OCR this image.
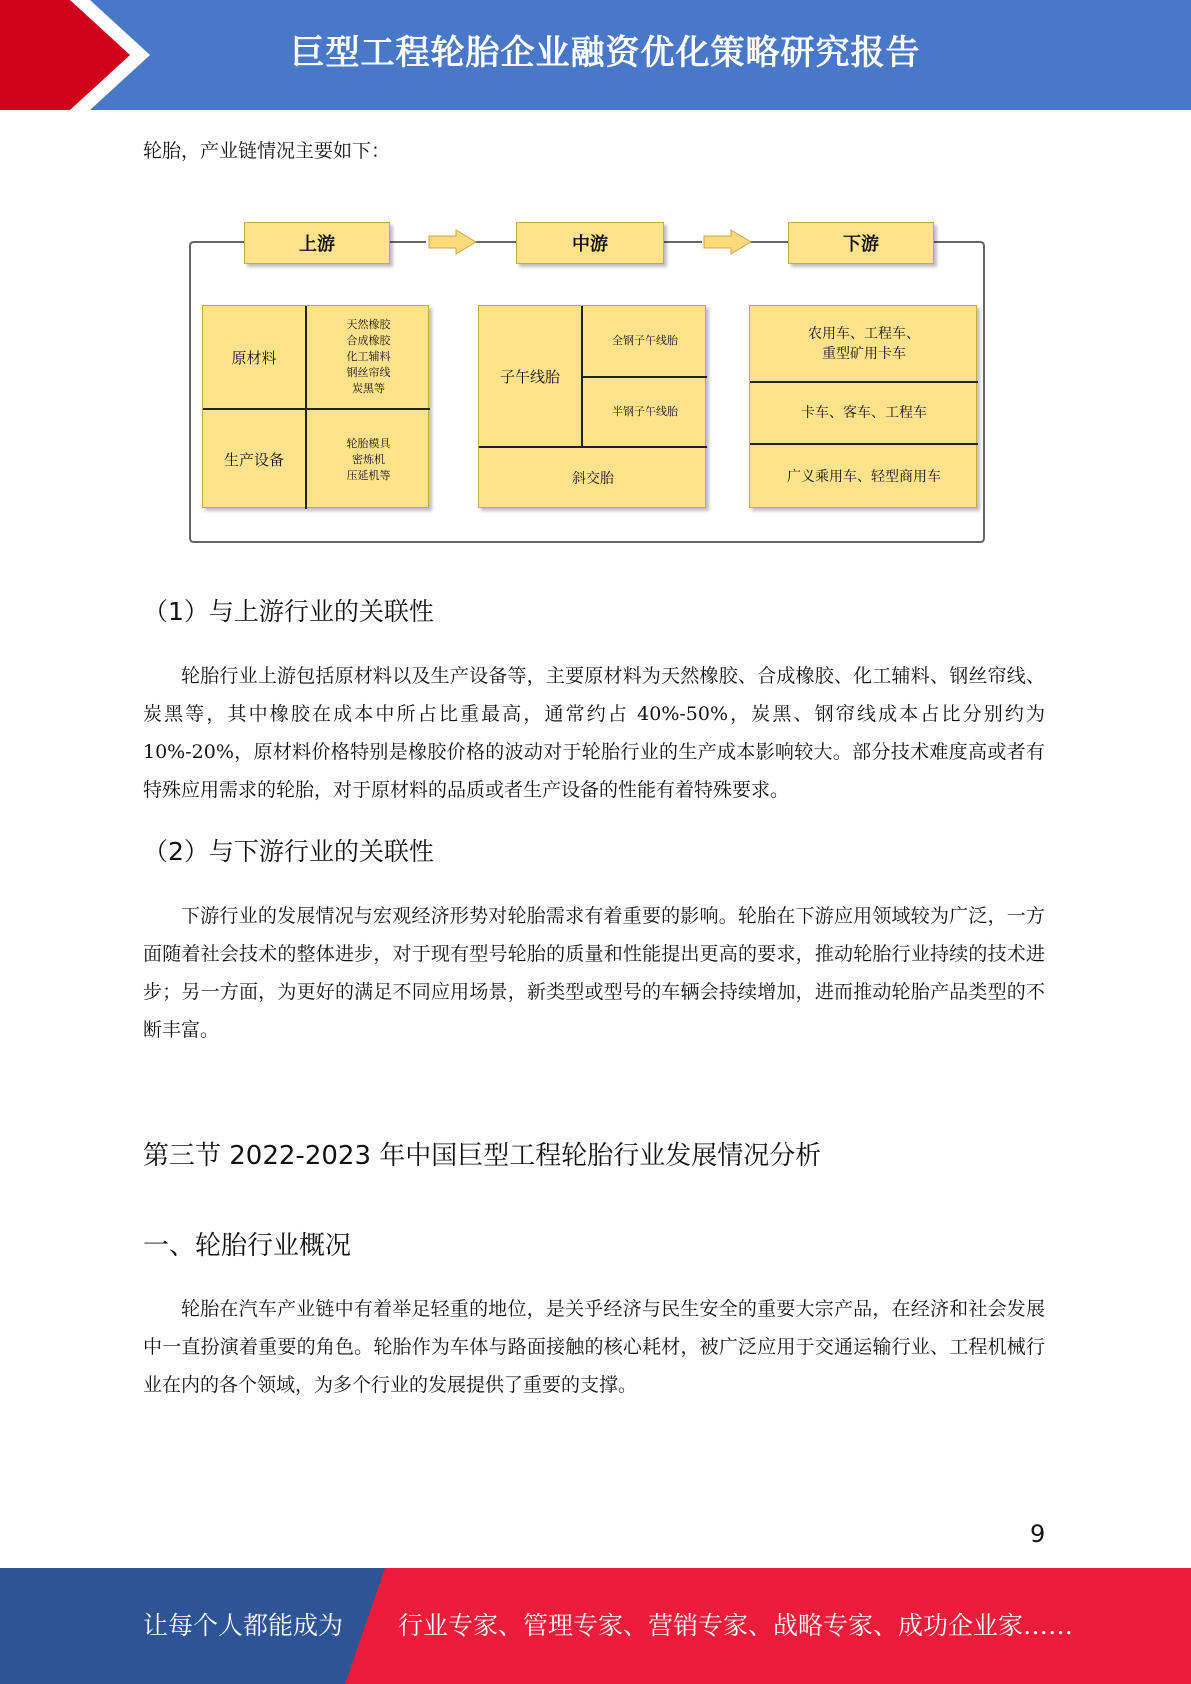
巨型工程轮胎企业融资优化策略研究报告
轮胎，产业链情况主要如下：
上游	中游	下游
原材料
天然橡胶
合成橡胶
化工辅料
钢丝帘线
炭黑等
生产设备
轮胎模具
密炼机
压延机等
子午线胎
全钢子午线胎
半钢子午线胎
斜交胎
农用车、工程车、
重型矿用卡车
卡车、客车、工程车
广义乘用车、轻型商用车
（1）与上游行业的关联性

轮胎行业上游包括原材料以及生产设备等，主要原材料为天然橡胶、合成橡胶、化工辅料、钢丝帘线、炭黑等，其中橡胶在成本中所占比重最高，通常约占 40%-50%，炭黑、钢帘线成本占比分别约为 10%-20%，原材料价格特别是橡胶价格的波动对于轮胎行业的生产成本影响较大。部分技术难度高或者有特殊应用需求的轮胎，对于原材料的品质或者生产设备的性能有着特殊要求。

（2）与下游行业的关联性

下游行业的发展情况与宏观经济形势对轮胎需求有着重要的影响。轮胎在下游应用领域较为广泛，一方面随着社会技术的整体进步，对于现有型号轮胎的质量和性能提出更高的要求，推动轮胎行业持续的技术进步；另一方面，为更好的满足不同应用场景，新类型或型号的车辆会持续增加，进而推动轮胎产品类型的不断丰富。

第三节 2022-2023 年中国巨型工程轮胎行业发展情况分析
一、轮胎行业概况

轮胎在汽车产业链中有着举足轻重的地位，是关乎经济与民生安全的重要大宗产品，在经济和社会发展中一直扮演着重要的角色。轮胎作为车体与路面接触的核心耗材，被广泛应用于交通运输行业、工程机械行业在内的各个领域，为多个行业的发展提供了重要的支撑。

9
让每个人都能成为 行业专家、管理专家、营销专家、战略专家、成功企业家……
